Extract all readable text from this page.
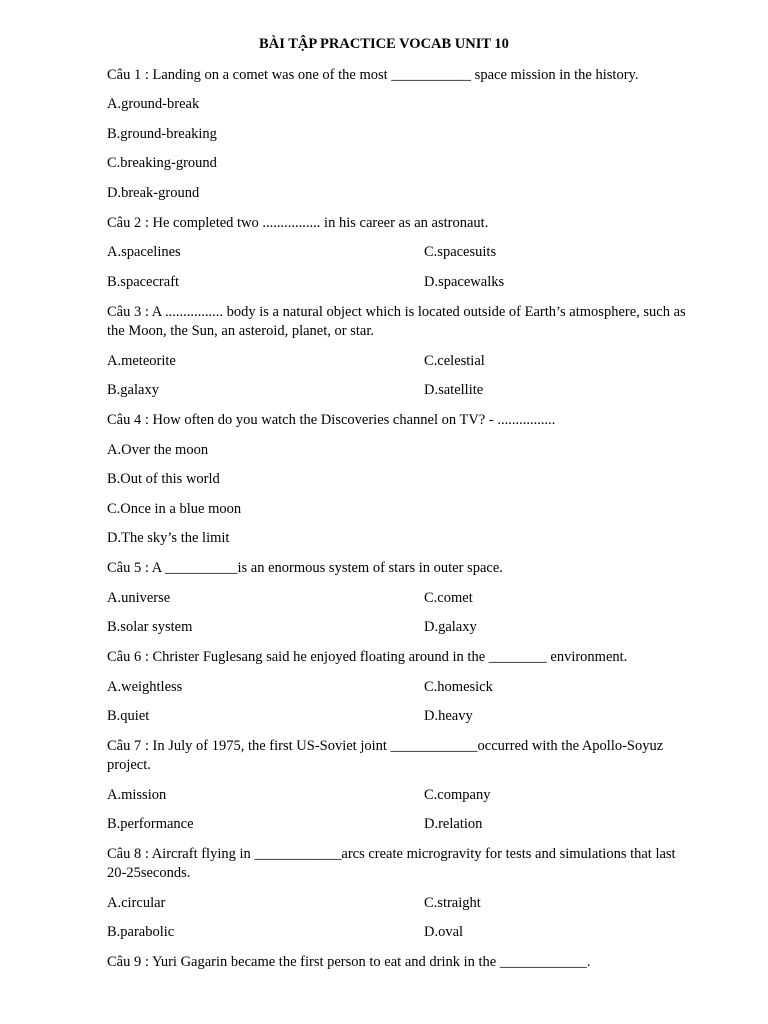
BÀI TẬP PRACTICE VOCAB UNIT 10
Câu 1 : Landing on a comet was one of the most ___________ space mission in the history.
A.ground-break
B.ground-breaking
C.breaking-ground
D.break-ground
Câu 2 : He completed two ................ in his career as an astronaut.
A.spacelines	C.spacesuits
B.spacecraft	D.spacewalks
Câu 3 : A ................ body is a natural object which is located outside of Earth’s atmosphere, such as the Moon, the Sun, an asteroid, planet, or star.
A.meteorite	C.celestial
B.galaxy	D.satellite
Câu 4 : How often do you watch the Discoveries channel on TV? - ................
A.Over the moon
B.Out of this world
C.Once in a blue moon
D.The sky’s the limit
Câu 5 : A __________is an enormous system of stars in outer space.
A.universe	C.comet
B.solar system	D.galaxy
Câu 6 : Christer Fuglesang said he enjoyed floating around in the ________ environment.
A.weightless	C.homesick
B.quiet	D.heavy
Câu 7 : In July of 1975, the first US-Soviet joint ____________occurred with the Apollo-Soyuz project.
A.mission	C.company
B.performance	D.relation
Câu 8 : Aircraft flying in ____________arcs create microgravity for tests and simulations that last 20-25seconds.
A.circular	C.straight
B.parabolic	D.oval
Câu 9 : Yuri Gagarin became the first person to eat and drink in the ____________.
